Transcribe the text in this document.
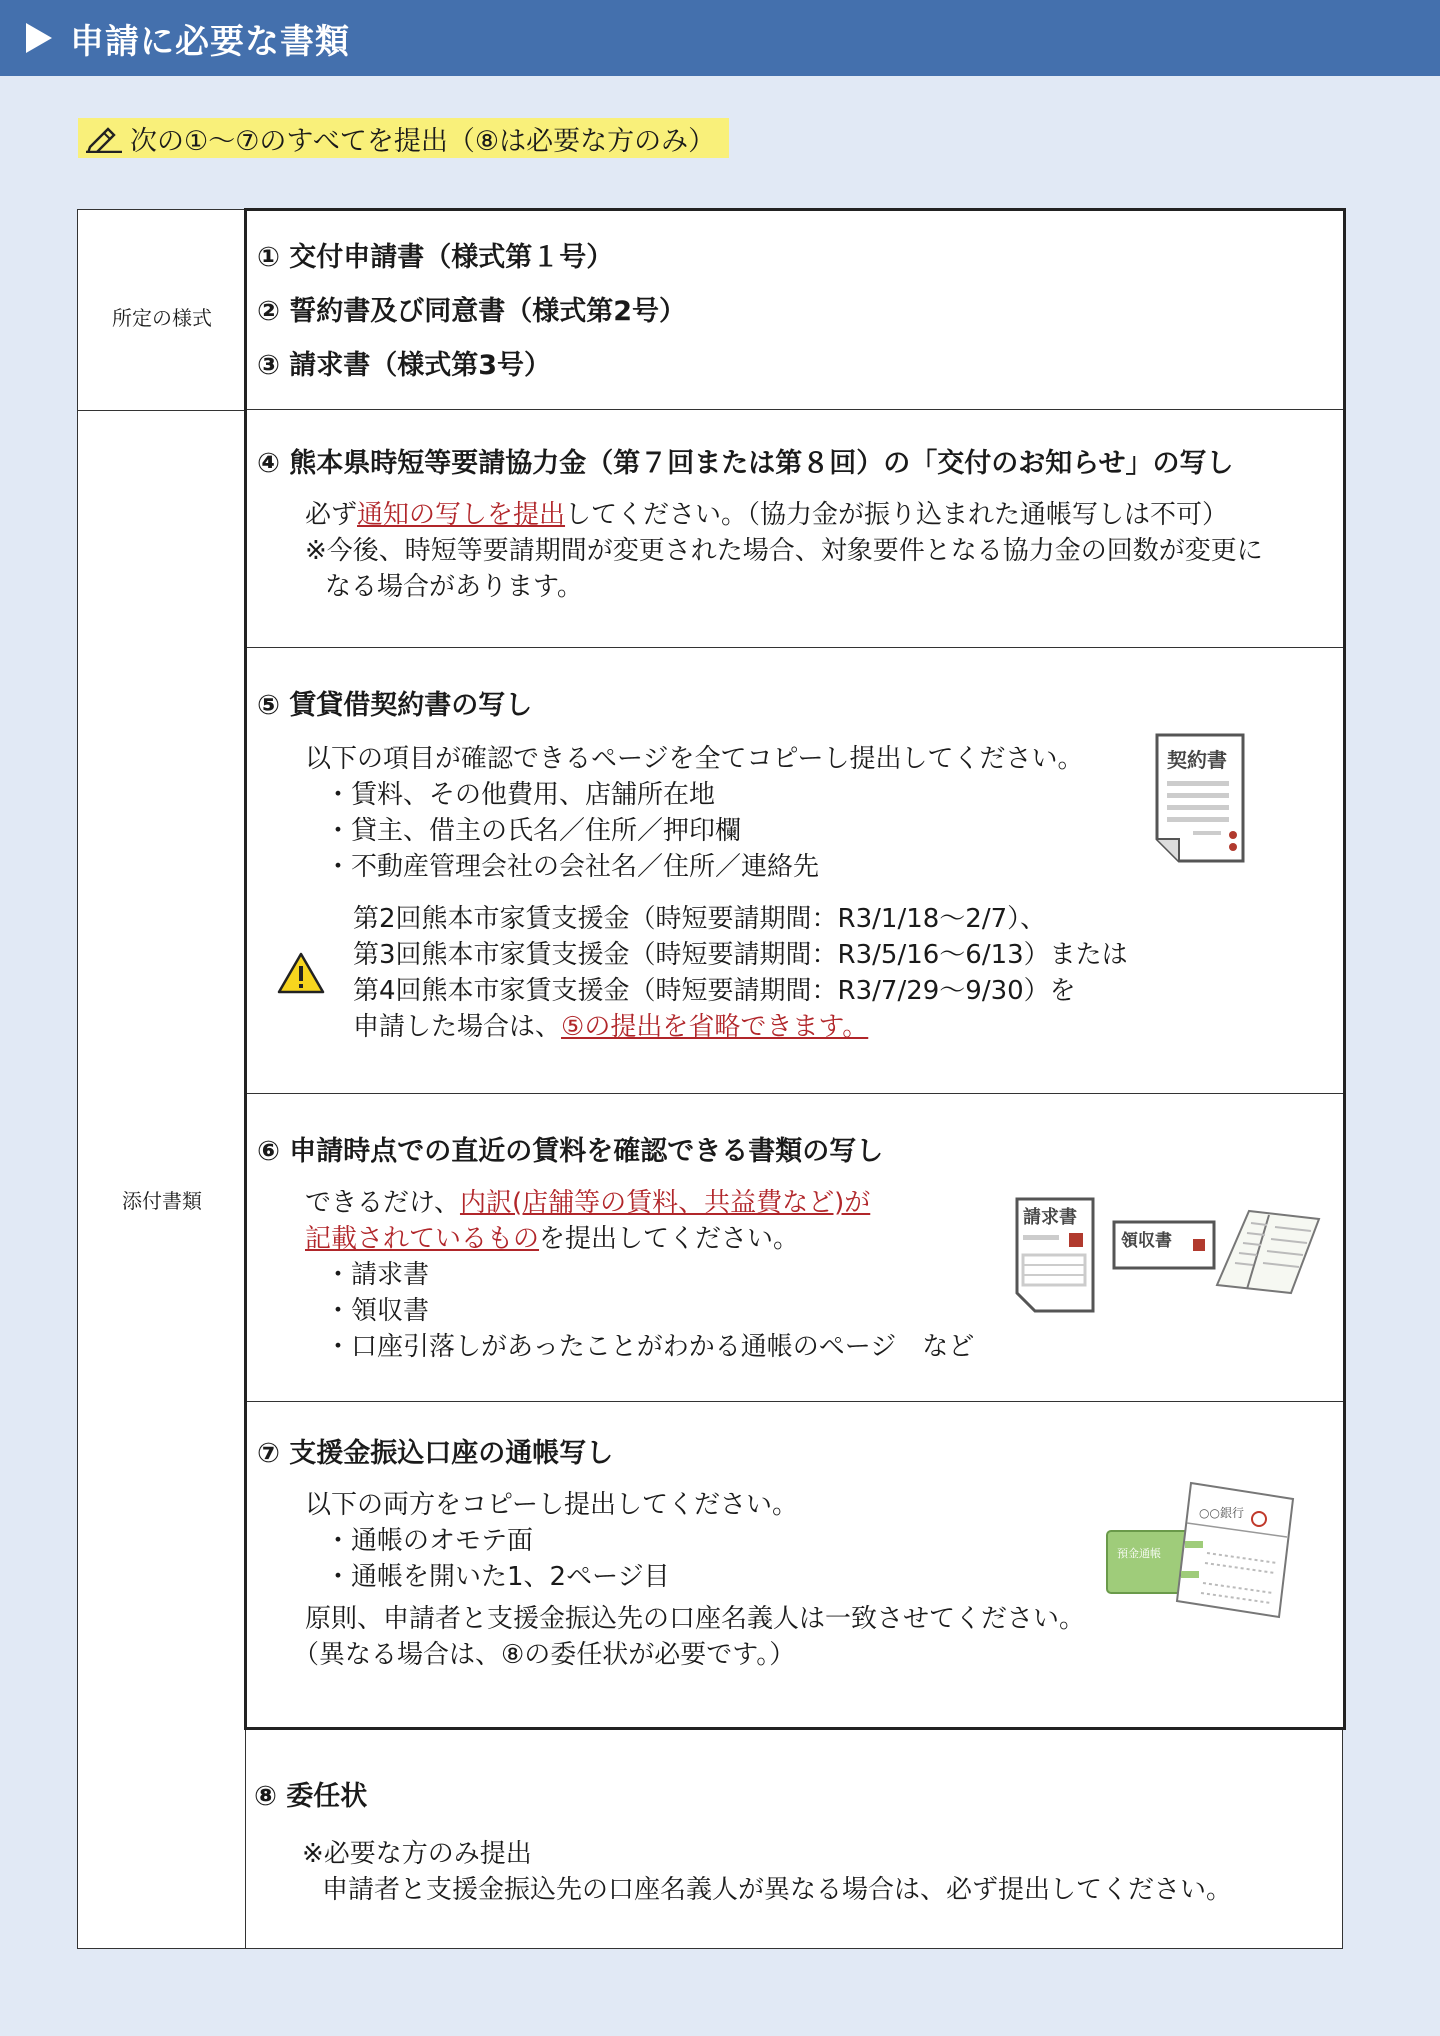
申請に必要な書類
次の①～⑦のすべてを提出（⑧は必要な方のみ）
所定の様式
添付書類
① 交付申請書（様式第１号）
② 誓約書及び同意書（様式第2号）
③ 請求書（様式第3号）
④ 熊本県時短等要請協力金（第７回または第８回）の「交付のお知らせ」の写し
必ず通知の写しを提出してください。（協力金が振り込まれた通帳写しは不可）
※今後、時短等要請期間が変更された場合、対象要件となる協力金の回数が変更に
なる場合があります。
⑤ 賃貸借契約書の写し
以下の項目が確認できるページを全てコピーし提出してください。
・賃料、その他費用、店舗所在地
・貸主、借主の氏名／住所／押印欄
・不動産管理会社の会社名／住所／連絡先
第2回熊本市家賃支援金（時短要請期間：R3/1/18～2/7）、
第3回熊本市家賃支援金（時短要請期間：R3/5/16～6/13）または
第4回熊本市家賃支援金（時短要請期間：R3/7/29～9/30）を
申請した場合は、⑤の提出を省略できます。
契約書
⑥ 申請時点での直近の賃料を確認できる書類の写し
できるだけ、内訳(店舗等の賃料、共益費など)が
記載されているものを提出してください。
・請求書
・領収書
・口座引落しがあったことがわかる通帳のページ　など
請求書
領収書
⑦ 支援金振込口座の通帳写し
以下の両方をコピーし提出してください。
・通帳のオモテ面
・通帳を開いた1、2ページ目
原則、申請者と支援金振込先の口座名義人は一致させてください。
（異なる場合は、⑧の委任状が必要です。）
預金通帳
○○銀行
⑧ 委任状
※必要な方のみ提出
申請者と支援金振込先の口座名義人が異なる場合は、必ず提出してください。
